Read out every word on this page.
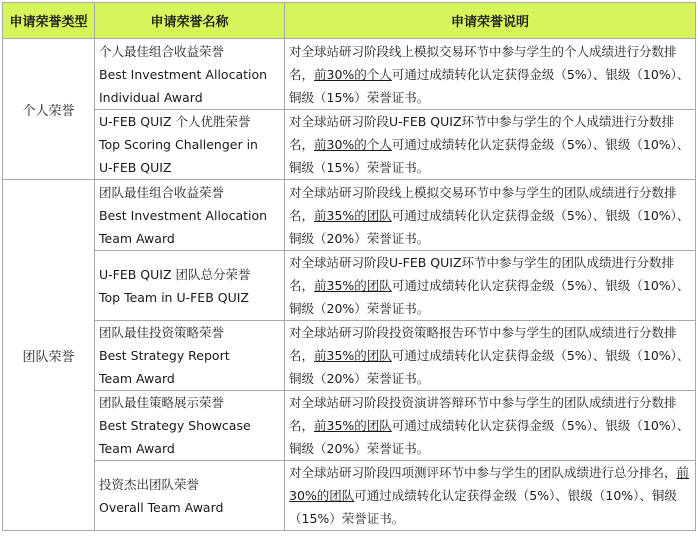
申请荣誉类型	申请荣誉名称	申请荣誉说明
个人荣誉	个人最佳组合收益荣誉
Best Investment Allocation
Individual Award	对全球站研习阶段线上模拟交易环节中参与学生的个人成绩进行分数排名，前30%的个人可通过成绩转化认定获得金级（5%）、银级（10%）、铜级（15%）荣誉证书。

	U-FEB QUIZ 个人优胜荣誉
Top Scoring Challenger in
U-FEB QUIZ	对全球站研习阶段U-FEB QUIZ环节中参与学生的个人成绩进行分数排名，前30%的个人可通过成绩转化认定获得金级（5%）、银级（10%）、铜级（15%）荣誉证书。
团队荣誉	团队最佳组合收益荣誉
Best Investment Allocation
Team Award	对全球站研习阶段线上模拟交易环节中参与学生的团队成绩进行分数排名，前35%的团队可通过成绩转化认定获得金级（5%）、银级（10%）、铜级（20%）荣誉证书。

	U-FEB QUIZ 团队总分荣誉
Top Team in U-FEB QUIZ	对全球站研习阶段U-FEB QUIZ环节中参与学生的团队成绩进行分数排名，前35%的团队可通过成绩转化认定获得金级（5%）、银级（10%）、铜级（20%）荣誉证书。

	团队最佳投资策略荣誉
Best Strategy Report
Team Award	对全球站研习阶段投资策略报告环节中参与学生的团队成绩进行分数排名，前35%的团队可通过成绩转化认定获得金级（5%）、银级（10%）、铜级（20%）荣誉证书。

	团队最佳策略展示荣誉
Best Strategy Showcase
Team Award	对全球站研习阶段投资演讲答辩环节中参与学生的团队成绩进行分数排名，前35%的团队可通过成绩转化认定获得金级（5%）、银级（10%）、铜级（20%）荣誉证书。

	投资杰出团队荣誉
Overall Team Award	对全球站研习阶段四项测评环节中参与学生的团队成绩进行总分排名，前30%的团队可通过成绩转化认定获得金级（5%）、银级（10%）、铜级（15%）荣誉证书。
